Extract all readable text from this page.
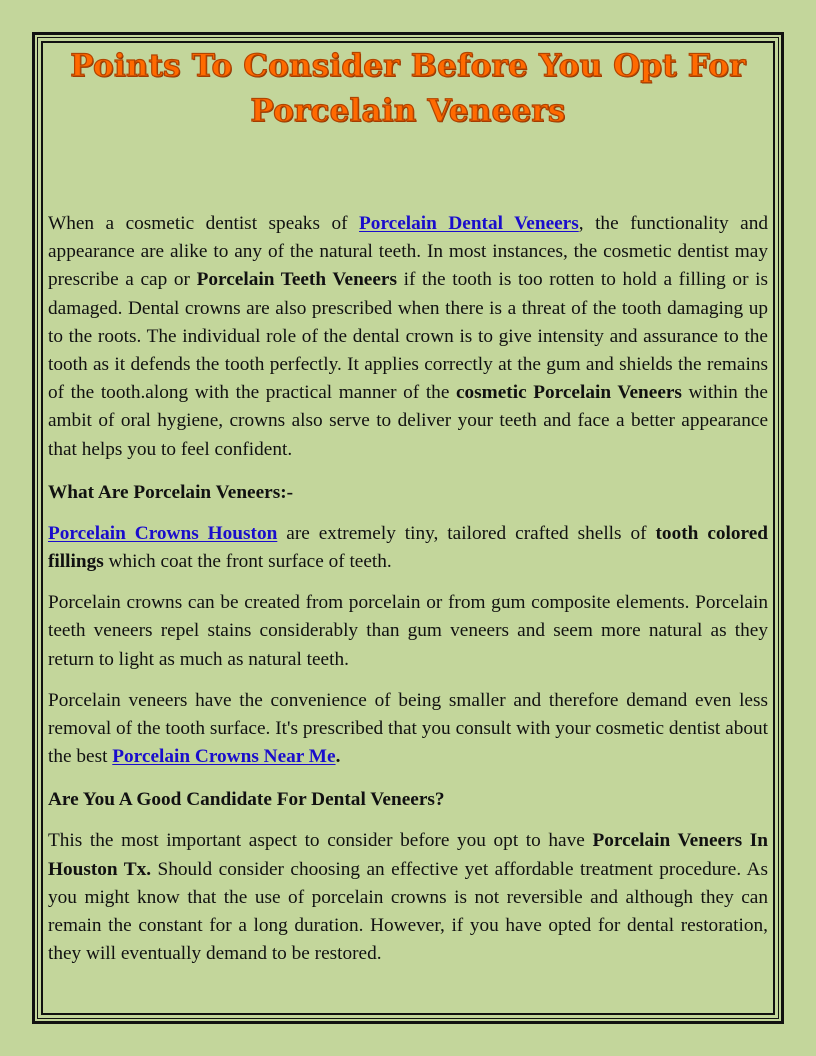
Points To Consider Before You Opt For
Porcelain Veneers

When a cosmetic dentist speaks of Porcelain Dental Veneers, the functionality and appearance are alike to any of the natural teeth. In most instances, the cosmetic dentist may prescribe a cap or Porcelain Teeth Veneers if the tooth is too rotten to hold a filling or is damaged. Dental crowns are also prescribed when there is a threat of the tooth damaging up to the roots. The individual role of the dental crown is to give intensity and assurance to the tooth as it defends the tooth perfectly. It applies correctly at the gum and shields the remains of the tooth.along with the practical manner of the cosmetic Porcelain Veneers within the ambit of oral hygiene, crowns also serve to deliver your teeth and face a better appearance that helps you to feel confident.

What Are Porcelain Veneers:-

Porcelain Crowns Houston are extremely tiny, tailored crafted shells of tooth colored fillings which coat the front surface of teeth.

Porcelain crowns can be created from porcelain or from gum composite elements. Porcelain teeth veneers repel stains considerably than gum veneers and seem more natural as they return to light as much as natural teeth.

Porcelain veneers have the convenience of being smaller and therefore demand even less removal of the tooth surface. It's prescribed that you consult with your cosmetic dentist about the best Porcelain Crowns Near Me.

Are You A Good Candidate For Dental Veneers?

This the most important aspect to consider before you opt to have Porcelain Veneers In Houston Tx. Should consider choosing an effective yet affordable treatment procedure. As you might know that the use of porcelain crowns is not reversible and although they can remain the constant for a long duration. However, if you have opted for dental restoration, they will eventually demand to be restored.
